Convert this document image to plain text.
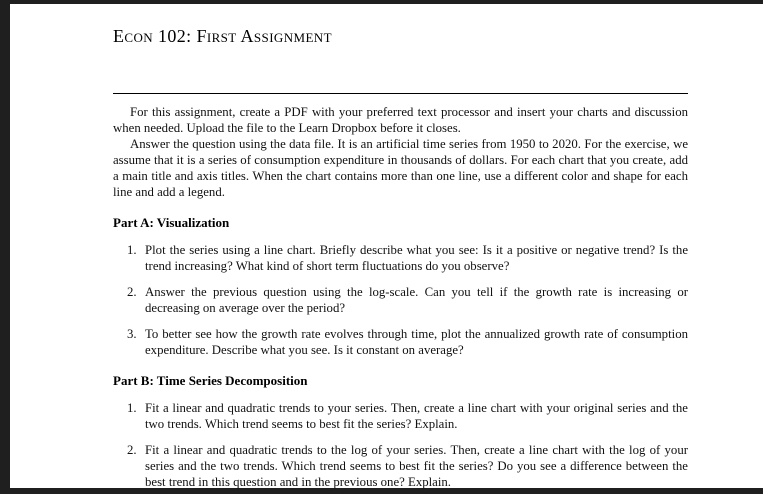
Econ 102: First Assignment

For this assignment, create a PDF with your preferred text processor and insert your charts and discussion when needed. Upload the file to the Learn Dropbox before it closes.

Answer the question using the data file. It is an artificial time series from 1950 to 2020. For the exercise, we assume that it is a series of consumption expenditure in thousands of dollars. For each chart that you create, add a main title and axis titles. When the chart contains more than one line, use a different color and shape for each line and add a legend.

Part A: Visualization
1. Plot the series using a line chart. Briefly describe what you see: Is it a positive or negative trend? Is the trend increasing? What kind of short term fluctuations do you observe?
2. Answer the previous question using the log-scale. Can you tell if the growth rate is increasing or decreasing on average over the period?
3. To better see how the growth rate evolves through time, plot the annualized growth rate of consumption expenditure. Describe what you see. Is it constant on average?
Part B: Time Series Decomposition
1. Fit a linear and quadratic trends to your series. Then, create a line chart with your original series and the two trends. Which trend seems to best fit the series? Explain.
2. Fit a linear and quadratic trends to the log of your series. Then, create a line chart with the log of your series and the two trends. Which trend seems to best fit the series? Do you see a difference between the best trend in this question and in the previous one? Explain.
